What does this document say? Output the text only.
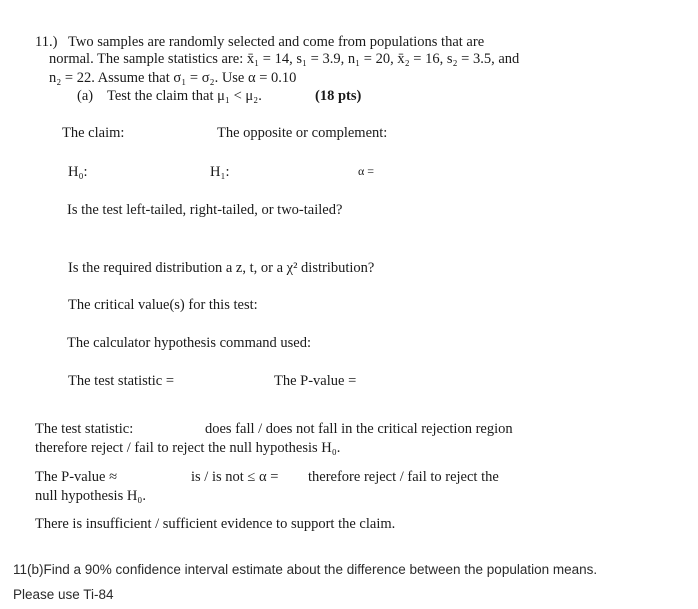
11.) Two samples are randomly selected and come from populations that are
normal. The sample statistics are: x̄₁ = 14, s₁ = 3.9, n₁ = 20, x̄₂ = 16, s₂ = 3.5, and
n₂ = 22. Assume that σ₁ = σ₂. Use α = 0.10
(a) Test the claim that μ₁ < μ₂.	(18 pts)
The claim:	The opposite or complement:
H₀:	H₁:	α =
Is the test left-tailed, right-tailed, or two-tailed?
Is the required distribution a z, t, or a χ² distribution?
The critical value(s) for this test:
The calculator hypothesis command used:
The test statistic =	The P-value =
The test statistic:	does fall / does not fall in the critical rejection region
therefore reject / fail to reject the null hypothesis H₀.
The P-value ≈	is / is not ≤ α = therefore reject / fail to reject the
null hypothesis H₀.
There is insufficient / sufficient evidence to support the claim.
11(b)Find a 90% confidence interval estimate about the difference between the population means.
Please use Ti-84
